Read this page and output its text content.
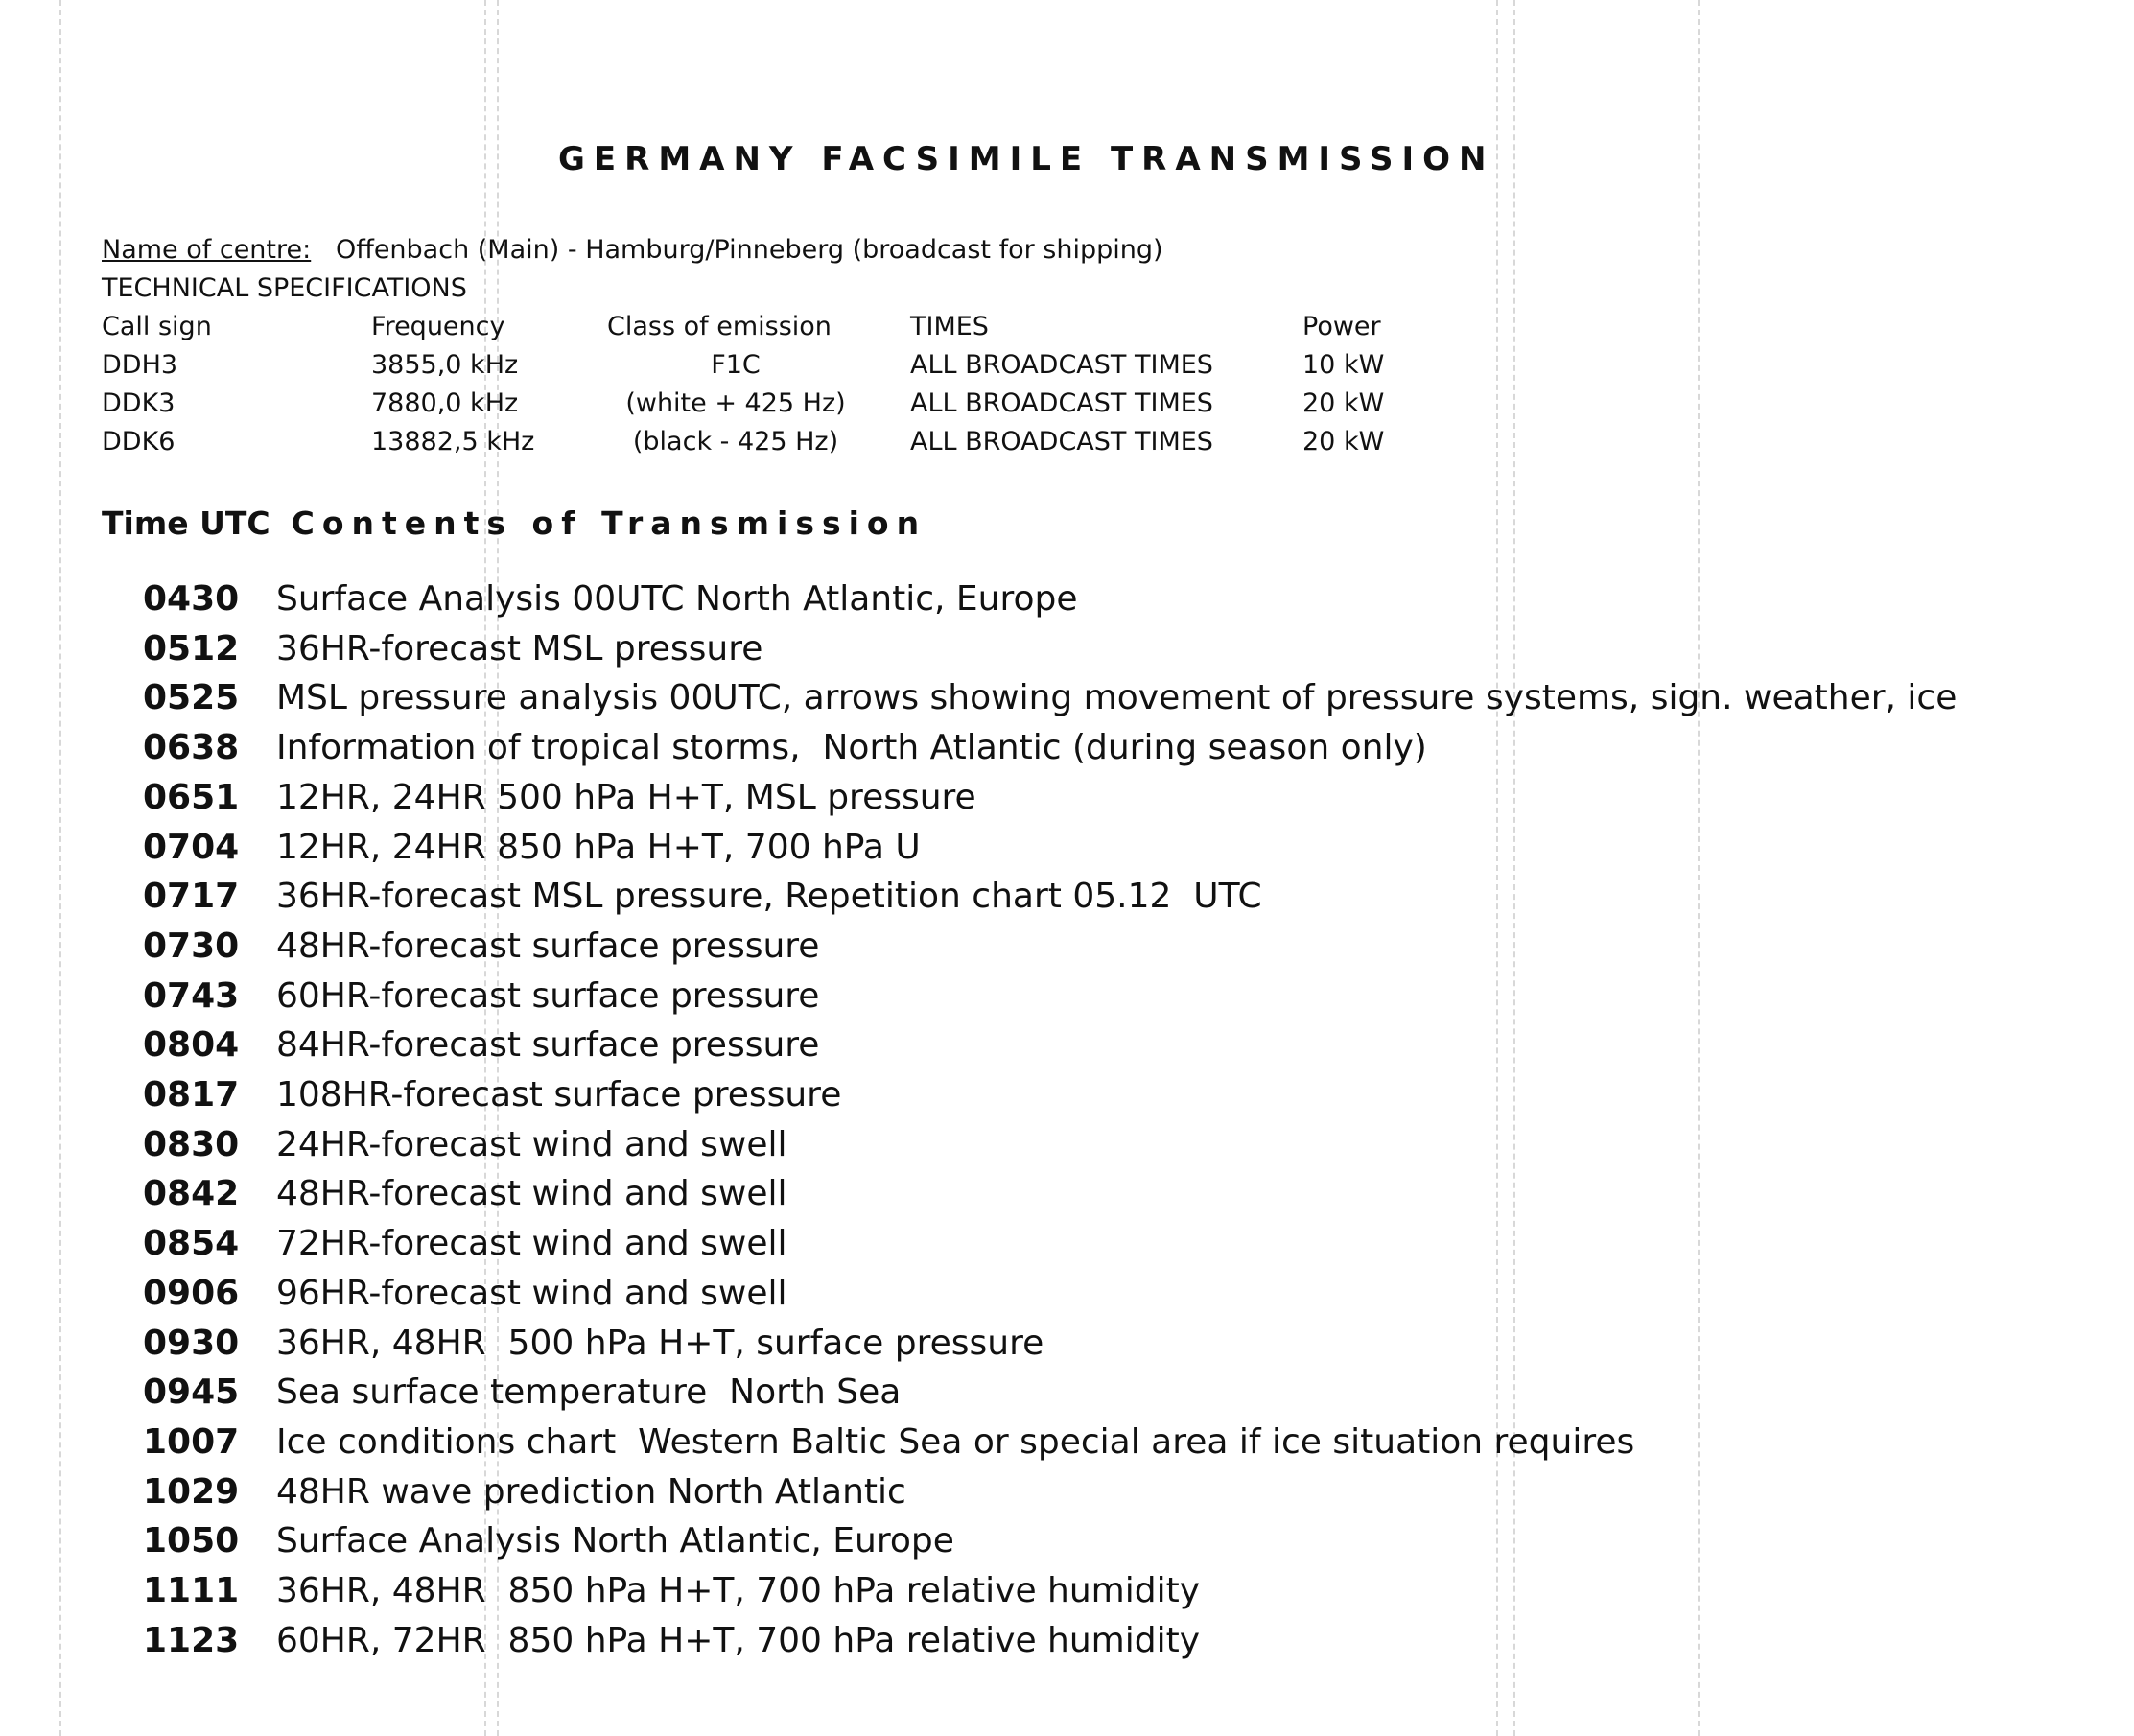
GERMANY FACSIMILE TRANSMISSION
Name of centre: Offenbach (Main) - Hamburg/Pinneberg (broadcast for shipping)
TECHNICAL SPECIFICATIONS
Call sign	Frequency	Class of emission	TIMES	Power
DDH3	3855,0 kHz	F1C	ALL BROADCAST TIMES	10 kW
DDK3	7880,0 kHz	(white + 425 Hz)	ALL BROADCAST TIMES	20 kW
DDK6	13882,5 kHz	(black - 425 Hz)	ALL BROADCAST TIMES	20 kW
Time UTC Contents of Transmission
0430 Surface Analysis 00UTC North Atlantic, Europe
0512 36HR-forecast MSL pressure
0525 MSL pressure analysis 00UTC, arrows showing movement of pressure systems, sign. weather, ice
0638 Information of tropical storms,  North Atlantic (during season only)
0651 12HR, 24HR 500 hPa H+T, MSL pressure
0704 12HR, 24HR 850 hPa H+T, 700 hPa U
0717 36HR-forecast MSL pressure, Repetition chart 05.12  UTC
0730 48HR-forecast surface pressure
0743 60HR-forecast surface pressure
0804 84HR-forecast surface pressure
0817 108HR-forecast surface pressure
0830 24HR-forecast wind and swell
0842 48HR-forecast wind and swell
0854 72HR-forecast wind and swell
0906 96HR-forecast wind and swell
0930 36HR, 48HR  500 hPa H+T, surface pressure
0945 Sea surface temperature  North Sea
1007 Ice conditions chart  Western Baltic Sea or special area if ice situation requires
1029 48HR wave prediction North Atlantic
1050 Surface Analysis North Atlantic, Europe
1111 36HR, 48HR  850 hPa H+T, 700 hPa relative humidity
1123 60HR, 72HR  850 hPa H+T, 700 hPa relative humidity
